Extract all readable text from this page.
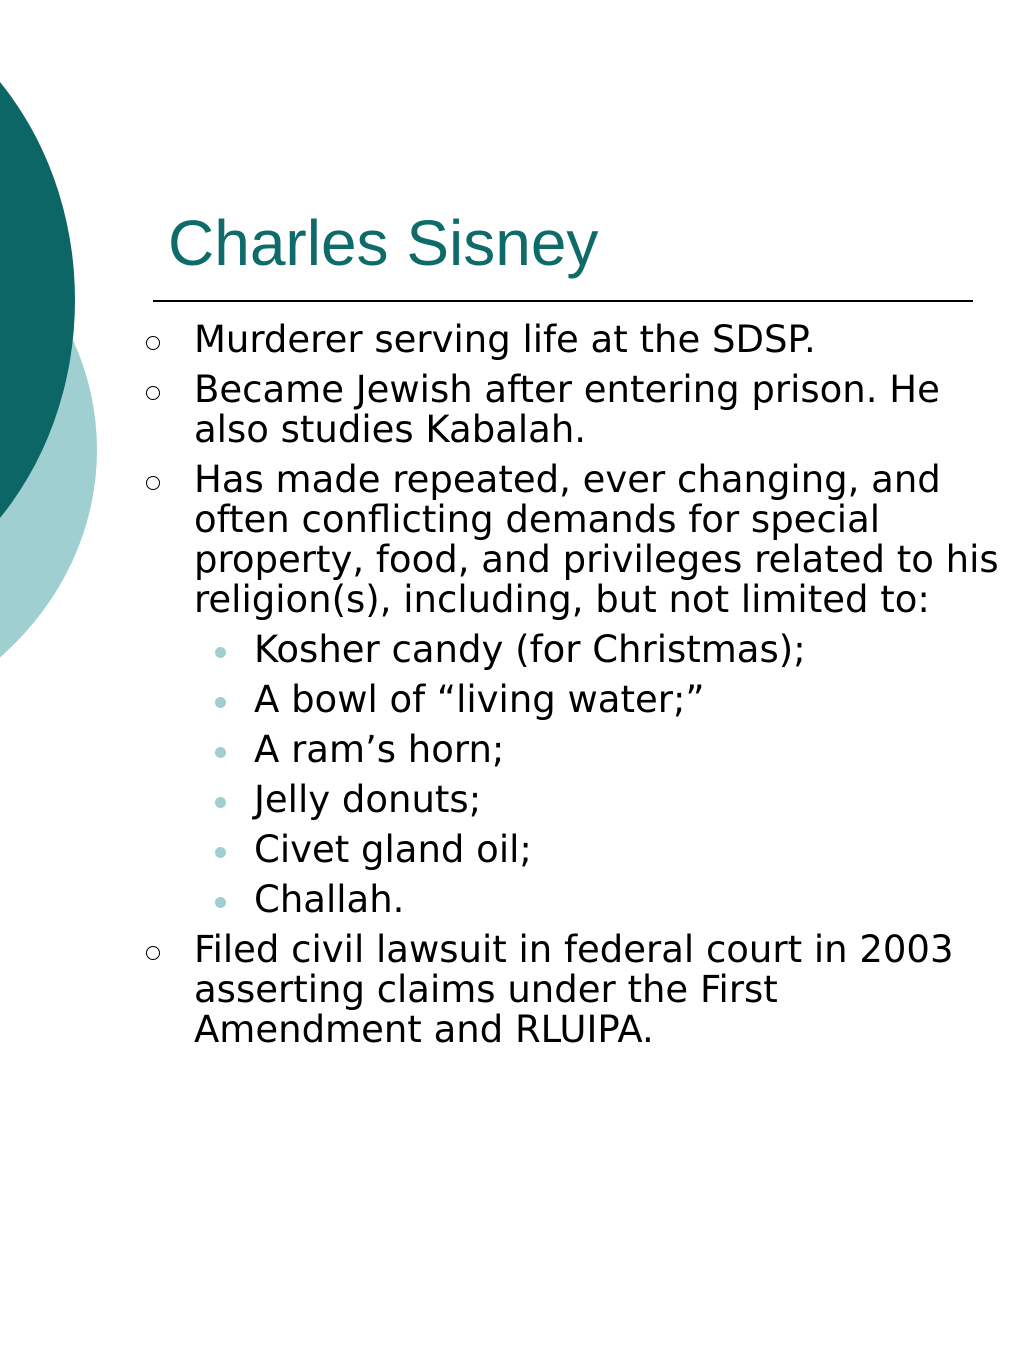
Charles Sisney
Murderer serving life at the SDSP.
Became Jewish after entering prison. He also studies Kabalah.
Has made repeated, ever changing, and often conflicting demands for special property, food, and privileges related to his religion(s), including, but not limited to:
Kosher candy (for Christmas);
A bowl of “living water;”
A ram’s horn;
Jelly donuts;
Civet gland oil;
Challah.
Filed civil lawsuit in federal court in 2003 asserting claims under the First Amendment and RLUIPA.
